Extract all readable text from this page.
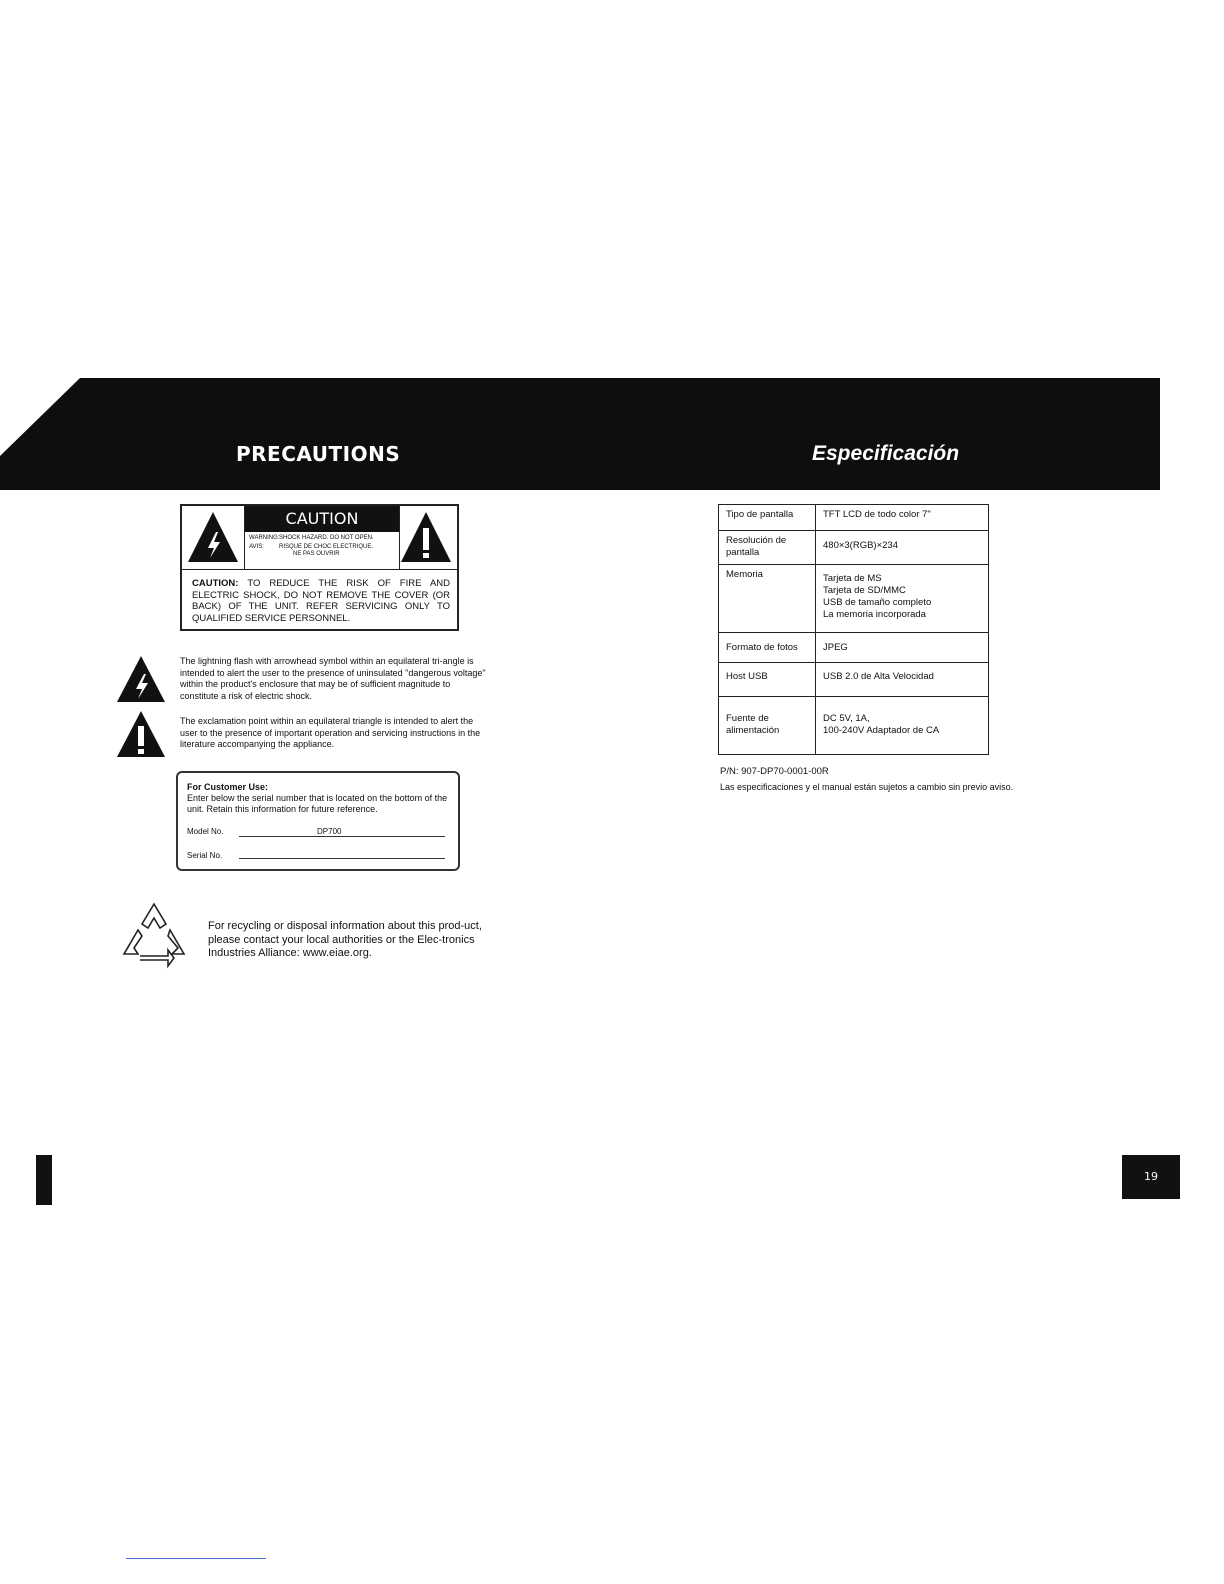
PRECAUTIONS	Especificación
CAUTION
WARNING: SHOCK HAZARD. DO NOT OPEN.
AVIS:	RISQUE DE CHOC ELECTRIQUE.
NE PAS OUVRIR
CAUTION: TO REDUCE THE RISK OF FIRE AND ELECTRIC SHOCK, DO NOT REMOVE THE COVER (OR BACK) OF THE UNIT. REFER SERVICING ONLY TO QUALIFIED SERVICE PERSONNEL.
The lightning flash with arrowhead symbol within an equilateral tri-angle is intended to alert the user to the presence of uninsulated "dangerous voltage" within the product's enclosure that may be of sufficient magnitude to constitute a risk of electric shock.
The exclamation point within an equilateral triangle is intended to alert the user to the presence of important operation and servicing instructions in the literature accompanying the appliance.
For Customer Use:
Enter below the serial number that is located on the bottom of the unit. Retain this information for future reference.
Model No.	DP700
Serial No.
For recycling or disposal information about this prod-uct, please contact your local authorities or the Elec-tronics Industries Alliance: www.eiae.org.
Tipo de pantalla	TFT LCD de todo color 7"
Resolución de pantalla	480×3(RGB)×234
Memoria	Tarjeta de MS
Tarjeta de SD/MMC
USB de tamaño completo
La memoria incorporada
Formato de fotos	JPEG
Host USB	USB 2.0 de Alta Velocidad
Fuente de alimentación	DC 5V, 1A,
100-240V Adaptador de CA
P/N: 907-DP70-0001-00R
Las especificaciones y el manual están sujetos a cambio sin previo aviso.
19
